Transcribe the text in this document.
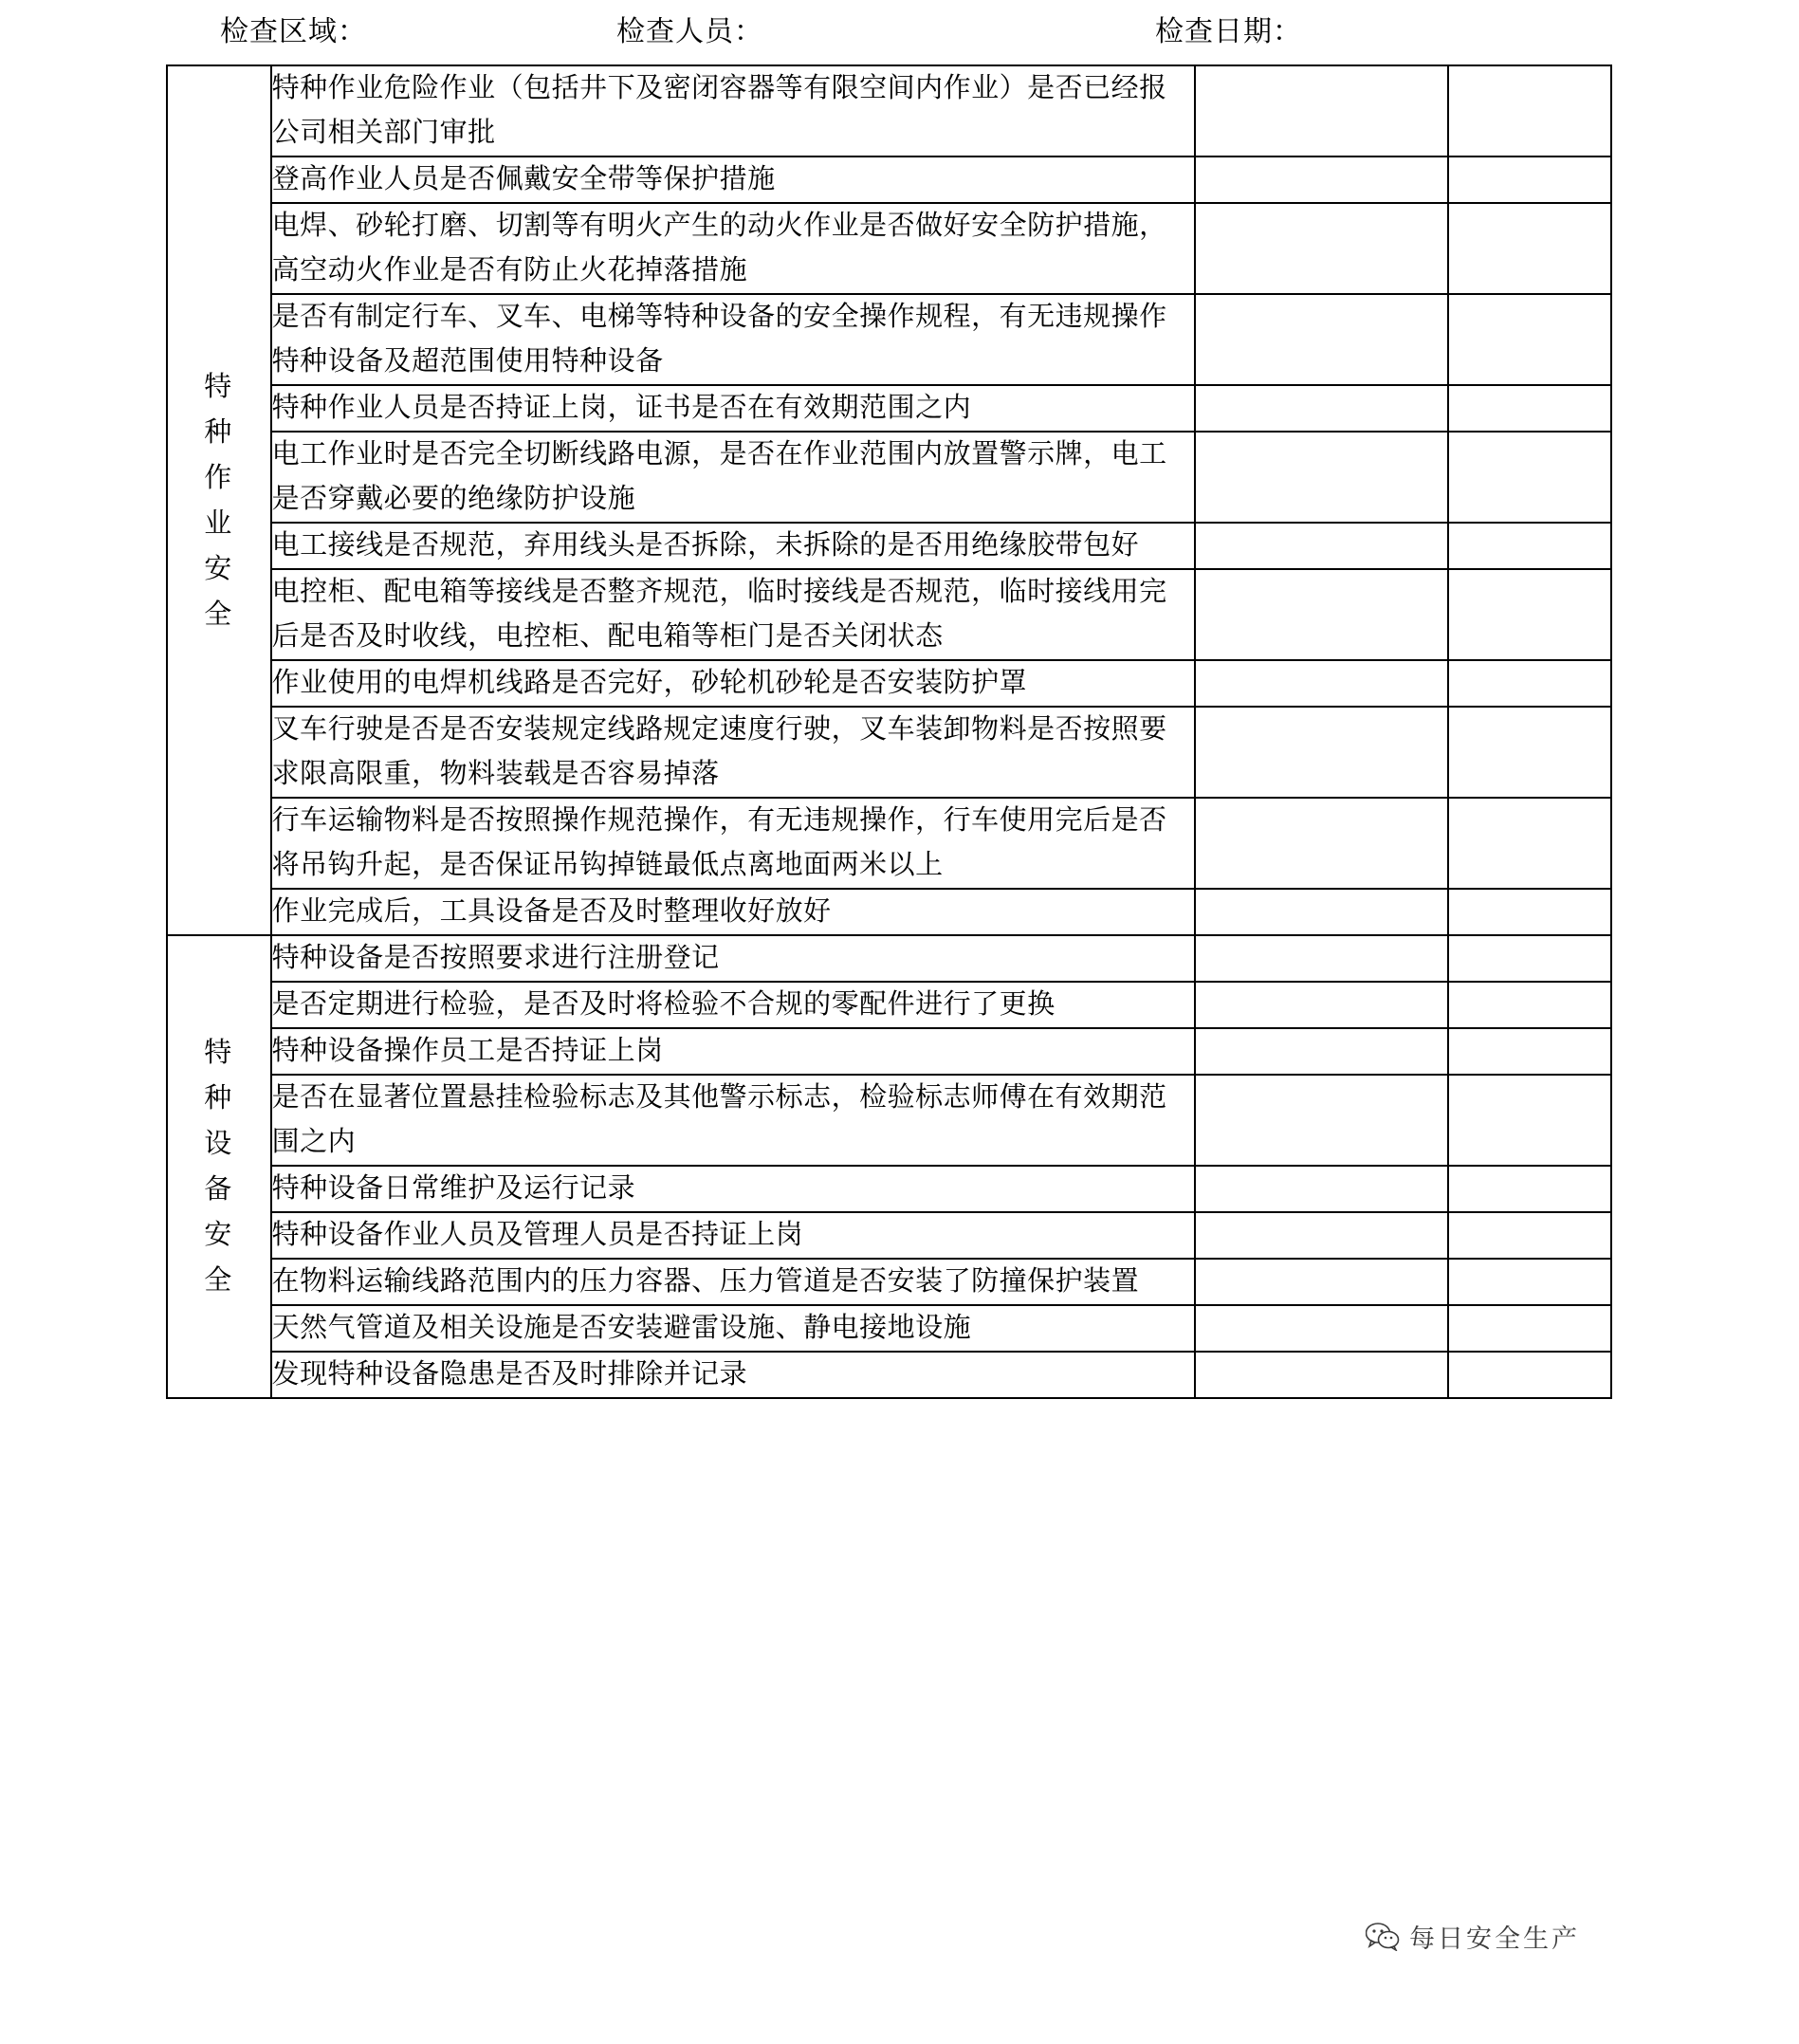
检查区域：	检查人员：	检查日期：
特种作业安全	特种作业危险作业（包括井下及密闭容器等有限空间内作业）是否已经报公司相关部门审批		
	登高作业人员是否佩戴安全带等保护措施		
	电焊、砂轮打磨、切割等有明火产生的动火作业是否做好安全防护措施，高空动火作业是否有防止火花掉落措施		
	是否有制定行车、叉车、电梯等特种设备的安全操作规程，有无违规操作特种设备及超范围使用特种设备		
	特种作业人员是否持证上岗，证书是否在有效期范围之内		
	电工作业时是否完全切断线路电源，是否在作业范围内放置警示牌，电工是否穿戴必要的绝缘防护设施		
	电工接线是否规范，弃用线头是否拆除，未拆除的是否用绝缘胶带包好		
	电控柜、配电箱等接线是否整齐规范，临时接线是否规范，临时接线用完后是否及时收线，电控柜、配电箱等柜门是否关闭状态		
	作业使用的电焊机线路是否完好，砂轮机砂轮是否安装防护罩		
	叉车行驶是否是否安装规定线路规定速度行驶，叉车装卸物料是否按照要求限高限重，物料装载是否容易掉落		
	行车运输物料是否按照操作规范操作，有无违规操作，行车使用完后是否将吊钩升起，是否保证吊钩掉链最低点离地面两米以上		
	作业完成后，工具设备是否及时整理收好放好		

特种设备安全	特种设备是否按照要求进行注册登记		
	是否定期进行检验，是否及时将检验不合规的零配件进行了更换		
	特种设备操作员工是否持证上岗		
	是否在显著位置悬挂检验标志及其他警示标志，检验标志师傅在有效期范围之内		
	特种设备日常维护及运行记录		
	特种设备作业人员及管理人员是否持证上岗		
	在物料运输线路范围内的压力容器、压力管道是否安装了防撞保护装置		
	天然气管道及相关设施是否安装避雷设施、静电接地设施		
	发现特种设备隐患是否及时排除并记录		
每日安全生产
